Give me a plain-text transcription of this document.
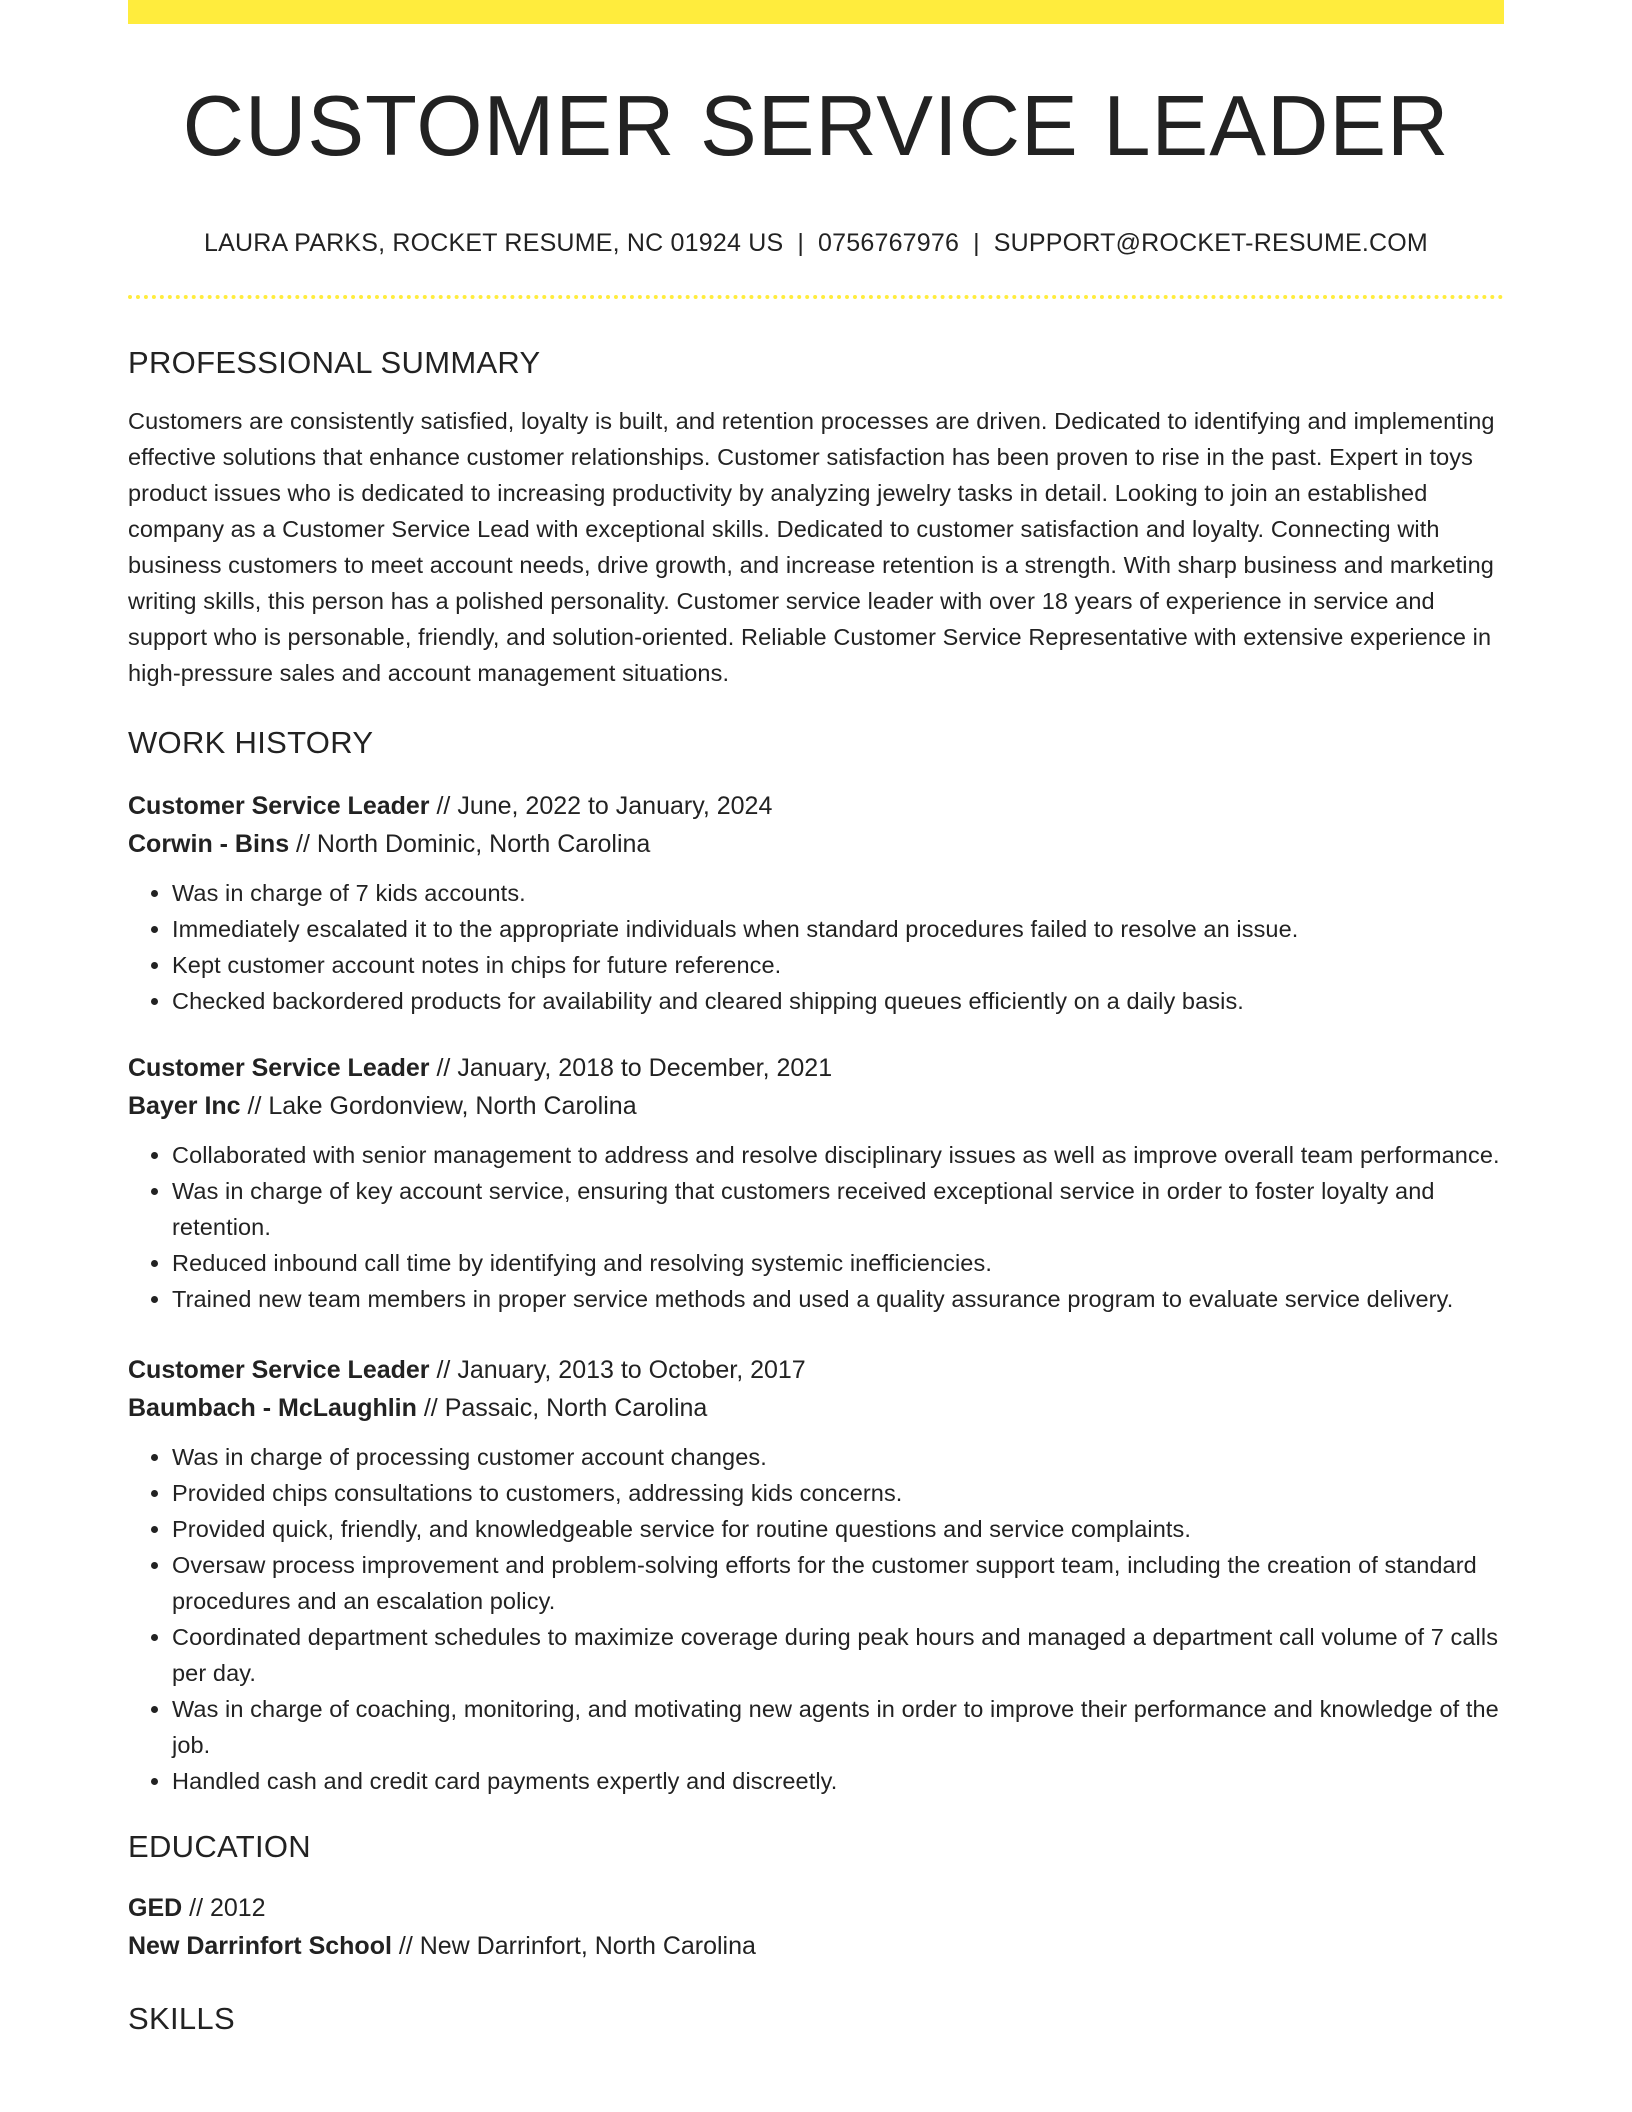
CUSTOMER SERVICE LEADER
LAURA PARKS, ROCKET RESUME, NC 01924 US | 0756767976 | SUPPORT@ROCKET-RESUME.COM
PROFESSIONAL SUMMARY

Customers are consistently satisfied, loyalty is built, and retention processes are driven. Dedicated to identifying and implementing effective solutions that enhance customer relationships. Customer satisfaction has been proven to rise in the past. Expert in toys product issues who is dedicated to increasing productivity by analyzing jewelry tasks in detail. Looking to join an established company as a Customer Service Lead with exceptional skills. Dedicated to customer satisfaction and loyalty. Connecting with business customers to meet account needs, drive growth, and increase retention is a strength. With sharp business and marketing writing skills, this person has a polished personality. Customer service leader with over 18 years of experience in service and support who is personable, friendly, and solution-oriented. Reliable Customer Service Representative with extensive experience in high-pressure sales and account management situations.

WORK HISTORY
Customer Service Leader // June, 2022 to January, 2024
Corwin - Bins // North Dominic, North Carolina
• Was in charge of 7 kids accounts.
• Immediately escalated it to the appropriate individuals when standard procedures failed to resolve an issue.
• Kept customer account notes in chips for future reference.
• Checked backordered products for availability and cleared shipping queues efficiently on a daily basis.
Customer Service Leader // January, 2018 to December, 2021
Bayer Inc // Lake Gordonview, North Carolina
• Collaborated with senior management to address and resolve disciplinary issues as well as improve overall team performance.
• Was in charge of key account service, ensuring that customers received exceptional service in order to foster loyalty and retention.
• Reduced inbound call time by identifying and resolving systemic inefficiencies.
• Trained new team members in proper service methods and used a quality assurance program to evaluate service delivery.
Customer Service Leader // January, 2013 to October, 2017
Baumbach - McLaughlin // Passaic, North Carolina
• Was in charge of processing customer account changes.
• Provided chips consultations to customers, addressing kids concerns.
• Provided quick, friendly, and knowledgeable service for routine questions and service complaints.
• Oversaw process improvement and problem-solving efforts for the customer support team, including the creation of standard procedures and an escalation policy.
• Coordinated department schedules to maximize coverage during peak hours and managed a department call volume of 7 calls per day.
• Was in charge of coaching, monitoring, and motivating new agents in order to improve their performance and knowledge of the job.
• Handled cash and credit card payments expertly and discreetly.
EDUCATION
GED // 2012
New Darrinfort School // New Darrinfort, North Carolina
SKILLS
